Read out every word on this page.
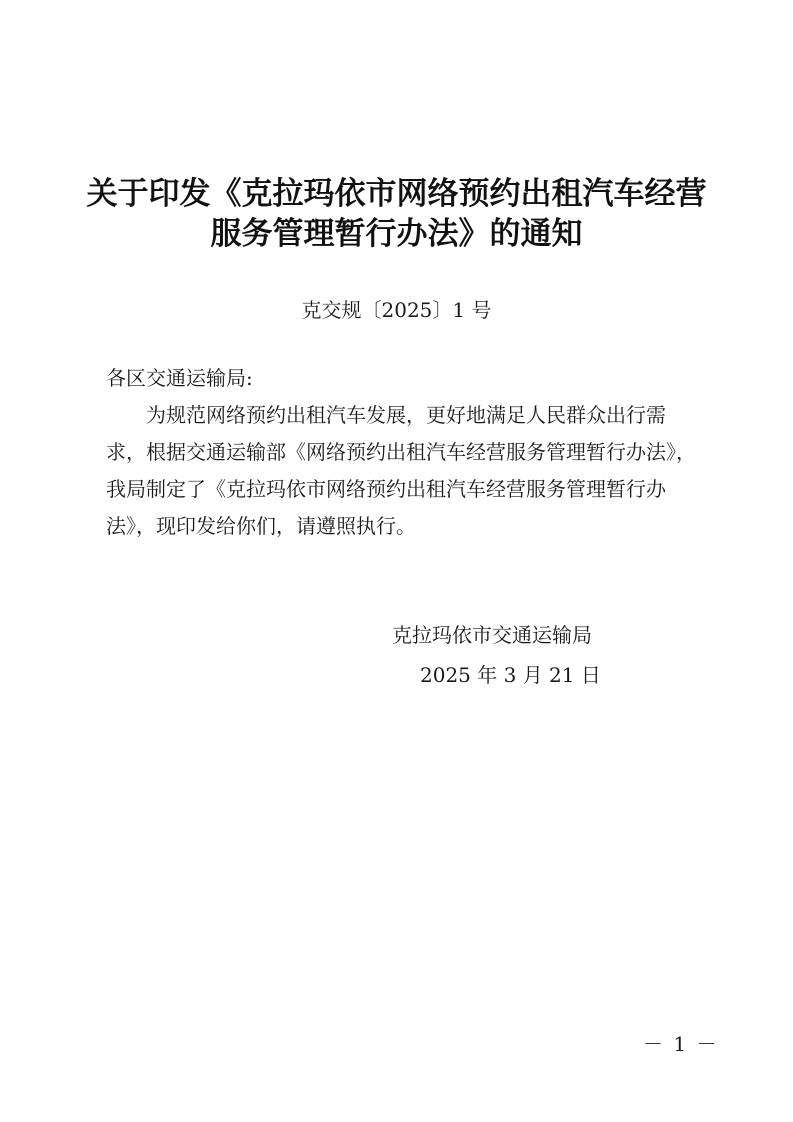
关于印发《克拉玛依市网络预约出租汽车经营
服务管理暂行办法》的通知
克交规〔2025〕1 号
各区交通运输局:
为规范网络预约出租汽车发展，更好地满足人民群众出行需
求，根据交通运输部《网络预约出租汽车经营服务管理暂行办法》，
我局制定了《克拉玛依市网络预约出租汽车经营服务管理暂行办
法》，现印发给你们，请遵照执行。
克拉玛依市交通运输局
2025 年 3 月 21 日
－ 1 －
